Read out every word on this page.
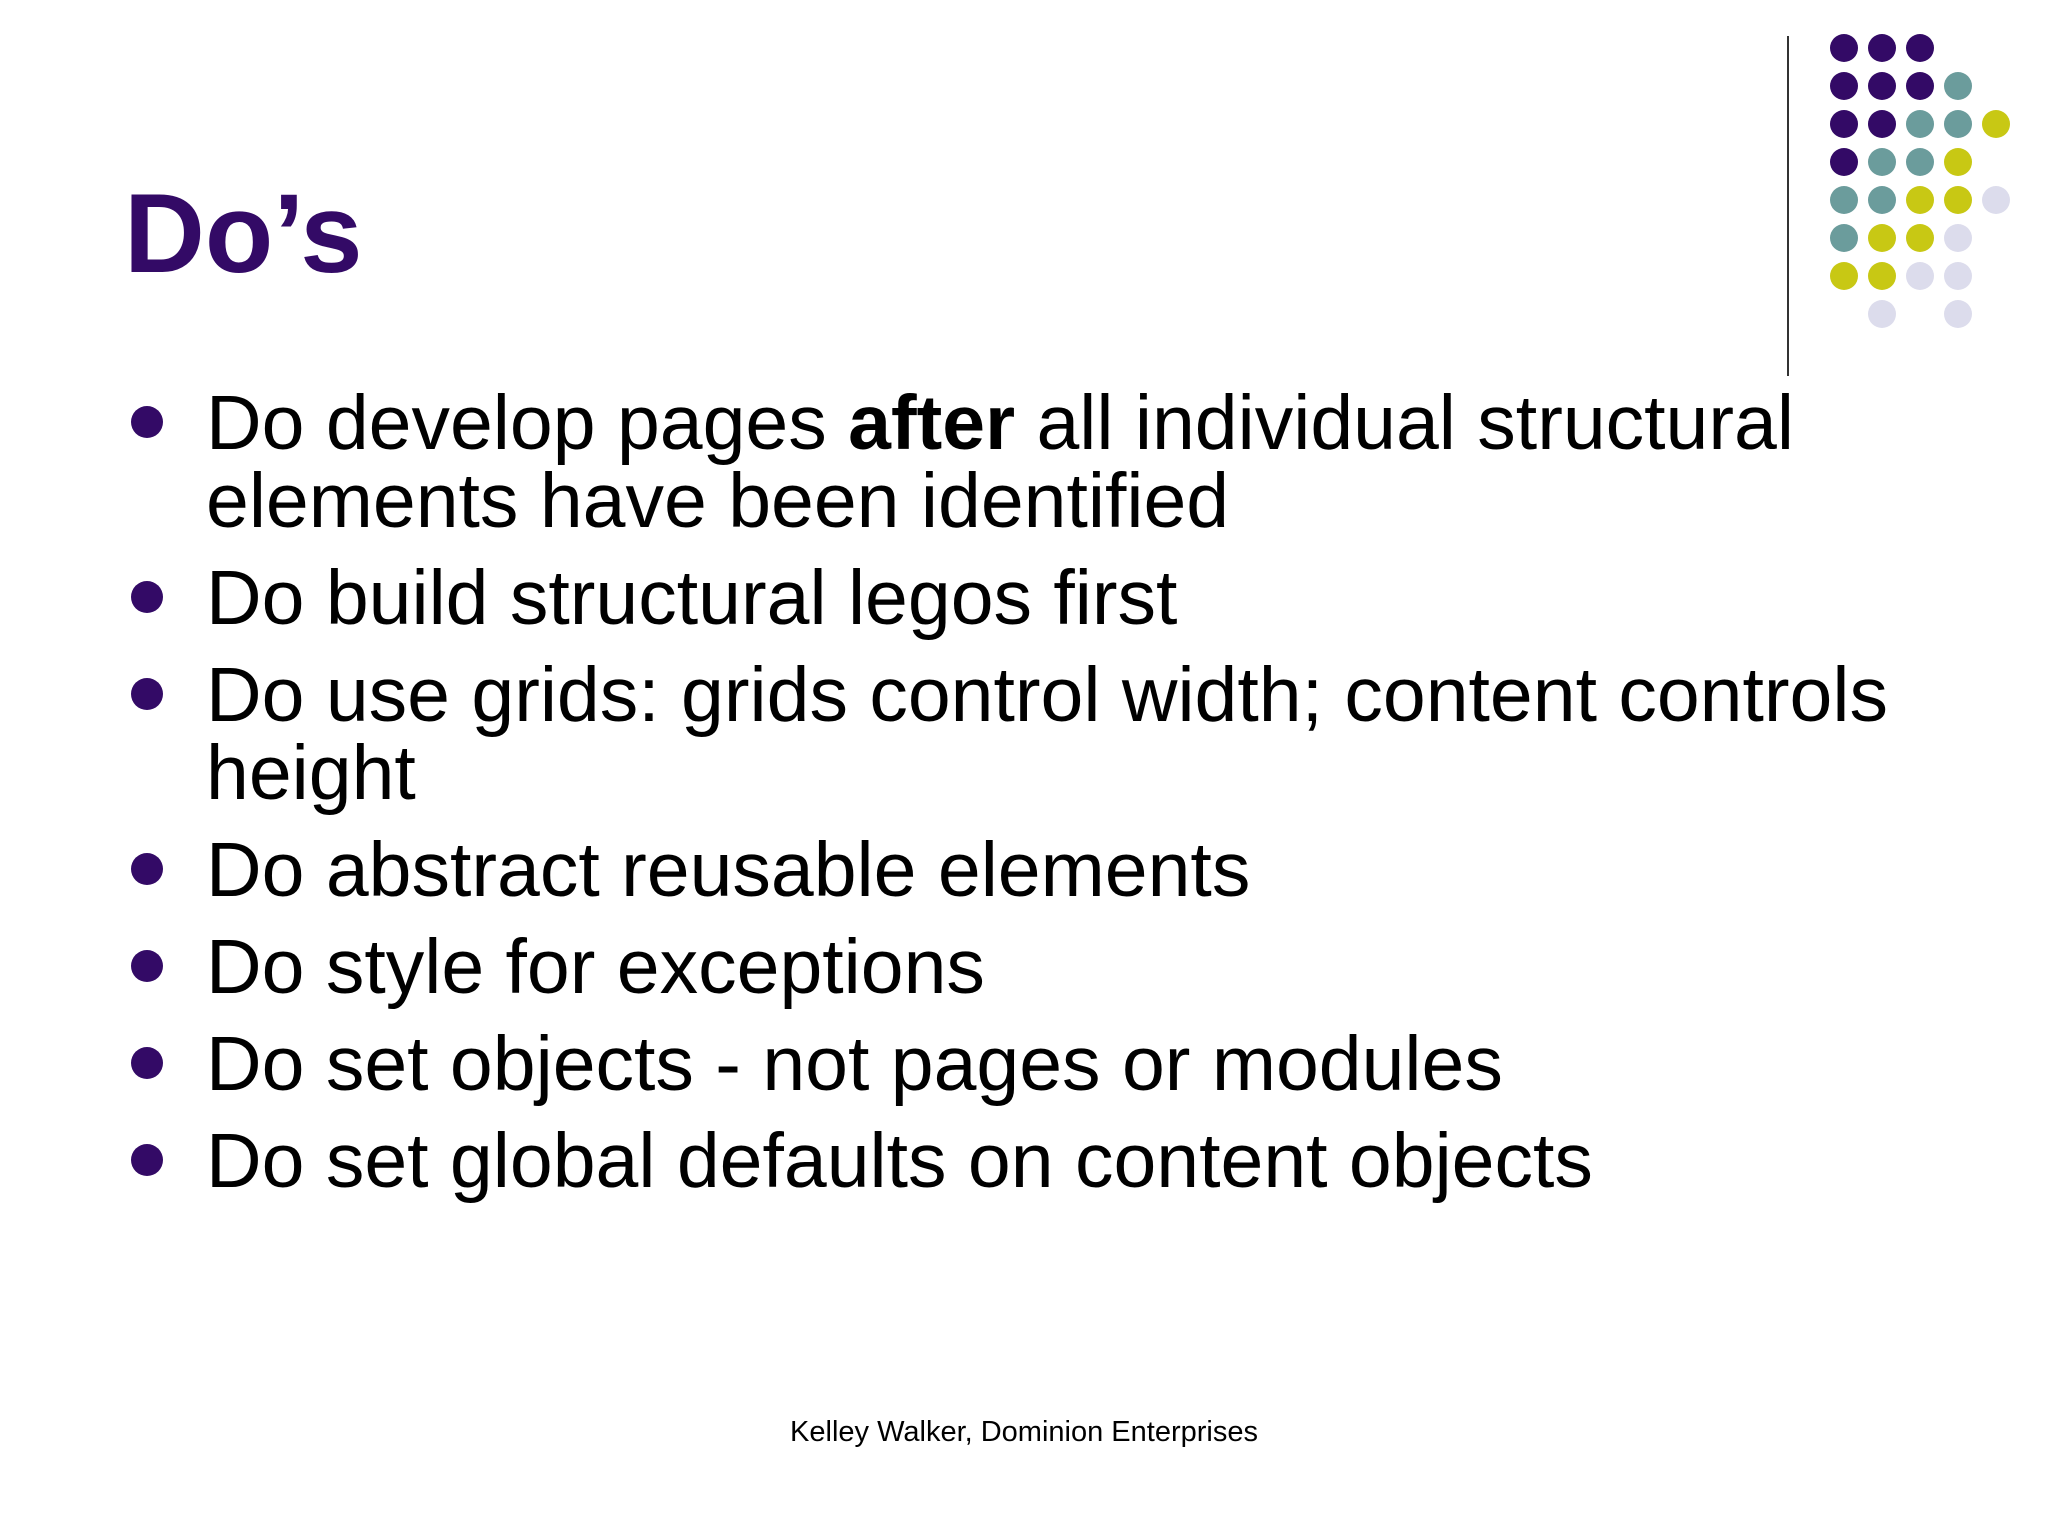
Do’s
Do develop pages after all individual structural elements have been identified
Do build structural legos first
Do use grids: grids control width; content controls height
Do abstract reusable elements
Do style for exceptions
Do set objects - not pages or modules
Do set global defaults on content objects
Kelley Walker, Dominion Enterprises
